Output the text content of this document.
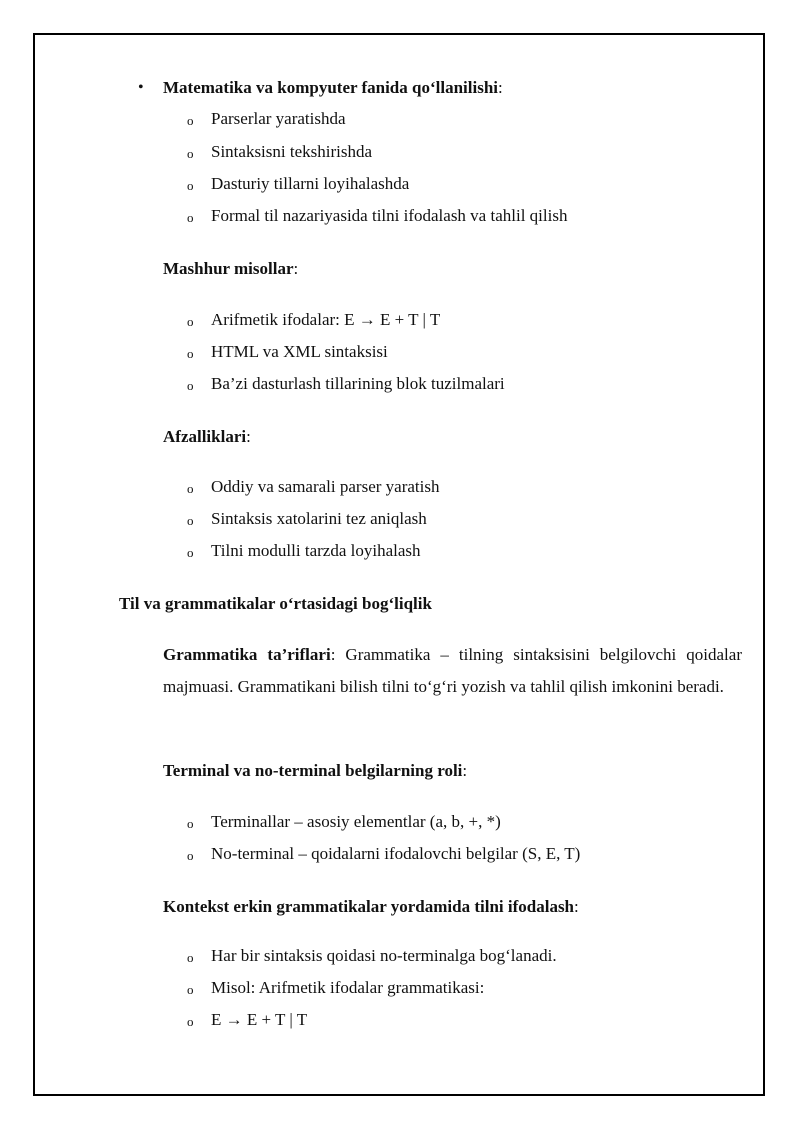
• Matematika va kompyuter fanida qo‘llanilishi:
o Parserlar yaratishda
o Sintaksisni tekshirishda
o Dasturiy tillarni loyihalashda
o Formal til nazariyasida tilni ifodalash va tahlil qilish
Mashhur misollar:
o Arifmetik ifodalar: E → E + T | T
o HTML va XML sintaksisi
o Ba’zi dasturlash tillarining blok tuzilmalari
Afzalliklari:
o Oddiy va samarali parser yaratish
o Sintaksis xatolarini tez aniqlash
o Tilni modulli tarzda loyihalash
Til va grammatikalar o‘rtasidagi bog‘liqlik
Grammatika ta’riflari: Grammatika – tilning sintaksisini belgilovchi qoidalar majmuasi. Grammatikani bilish tilni to‘g‘ri yozish va tahlil qilish imkonini beradi.
Terminal va no-terminal belgilarning roli:
o Terminallar – asosiy elementlar (a, b, +, *)
o No-terminal – qoidalarni ifodalovchi belgilar (S, E, T)
Kontekst erkin grammatikalar yordamida tilni ifodalash:
o Har bir sintaksis qoidasi no-terminalga bog‘lanadi.
o Misol: Arifmetik ifodalar grammatikasi:
o E → E + T | T
